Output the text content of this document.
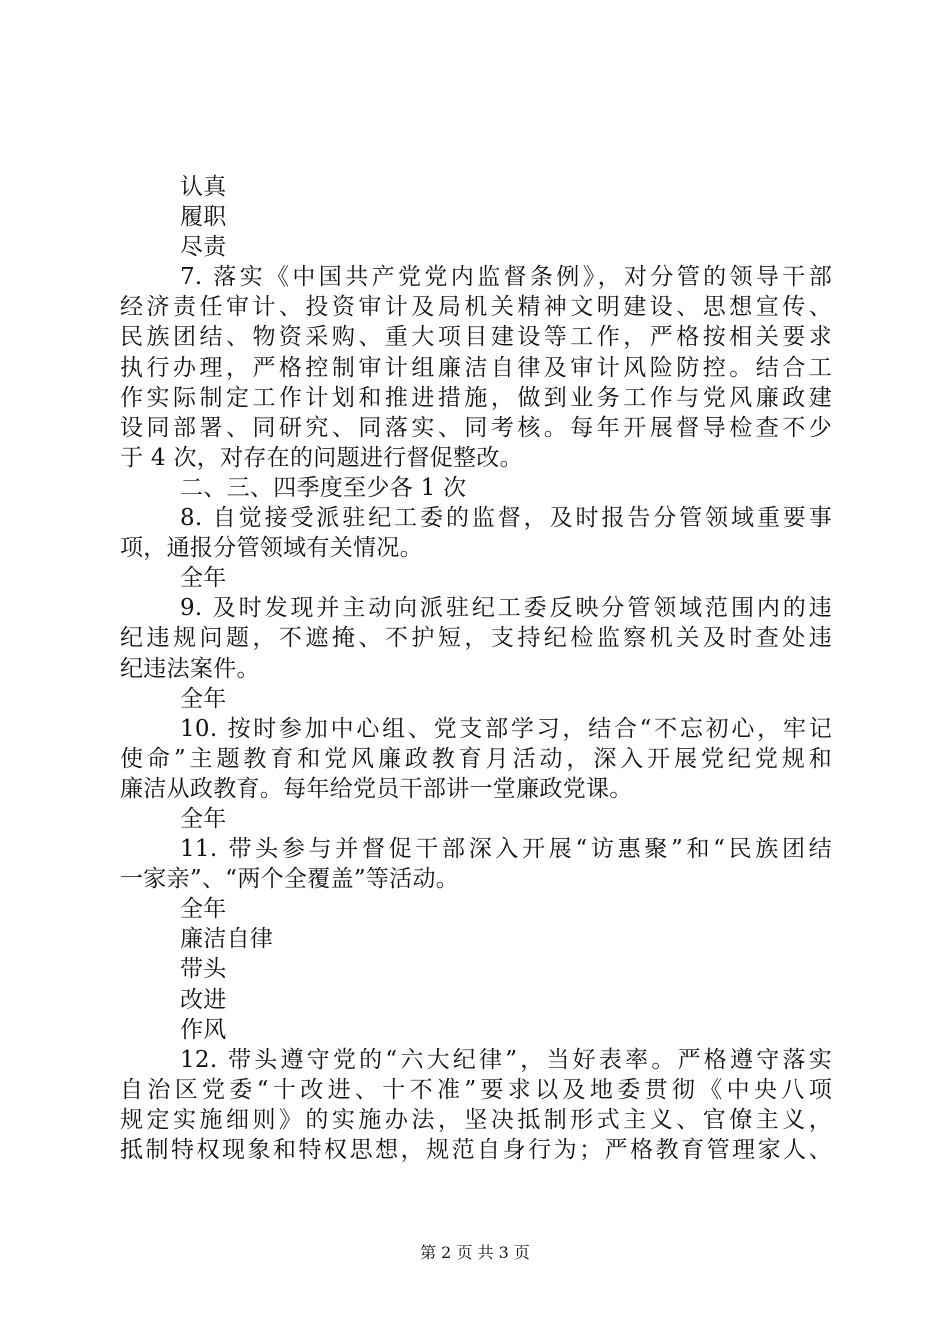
认真
履职
尽责
7. 落实《中国共产党党内监督条例》，对分管的领导干部
经济责任审计、投资审计及局机关精神文明建设、思想宣传、
民族团结、物资采购、重大项目建设等工作，严格按相关要求
执行办理，严格控制审计组廉洁自律及审计风险防控。结合工
作实际制定工作计划和推进措施，做到业务工作与党风廉政建
设同部署、同研究、同落实、同考核。每年开展督导检查不少
于 4 次，对存在的问题进行督促整改。
二、三、四季度至少各 1 次
8. 自觉接受派驻纪工委的监督，及时报告分管领域重要事
项，通报分管领域有关情况。
全年
9. 及时发现并主动向派驻纪工委反映分管领域范围内的违
纪违规问题，不遮掩、不护短，支持纪检监察机关及时查处违
纪违法案件。
全年
10. 按时参加中心组、党支部学习，结合“不忘初心，牢记
使命”主题教育和党风廉政教育月活动，深入开展党纪党规和
廉洁从政教育。每年给党员干部讲一堂廉政党课。
全年
11. 带头参与并督促干部深入开展“访惠聚”和“民族团结
一家亲”、“两个全覆盖”等活动。
全年
廉洁自律
带头
改进
作风
12. 带头遵守党的“六大纪律”，当好表率。严格遵守落实
自治区党委“十改进、十不准”要求以及地委贯彻《中央八项
规定实施细则》的实施办法，坚决抵制形式主义、官僚主义，
抵制特权现象和特权思想，规范自身行为；严格教育管理家人、
第 2 页 共 3 页
